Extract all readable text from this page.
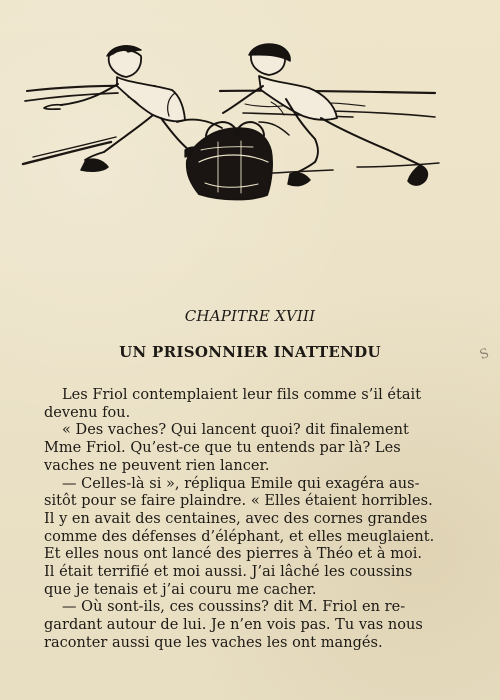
CHAPITRE XVIII
UN PRISONNIER INATTENDU	S
Les Friol contemplaient leur fils comme s’il était
devenu fou.
« Des vaches? Qui lancent quoi? dit finalement
Mme Friol. Qu’est-ce que tu entends par là? Les
vaches ne peuvent rien lancer.
— Celles-là si », répliqua Emile qui exagéra aus-
sitôt pour se faire plaindre. « Elles étaient horribles.
Il y en avait des centaines, avec des cornes grandes
comme des défenses d’éléphant, et elles meuglaient.
Et elles nous ont lancé des pierres à Théo et à moi.
Il était terrifié et moi aussi. J’ai lâché les coussins
que je tenais et j’ai couru me cacher.
— Où sont-ils, ces coussins? dit M. Friol en re-
gardant autour de lui. Je n’en vois pas. Tu vas nous
raconter aussi que les vaches les ont mangés.
